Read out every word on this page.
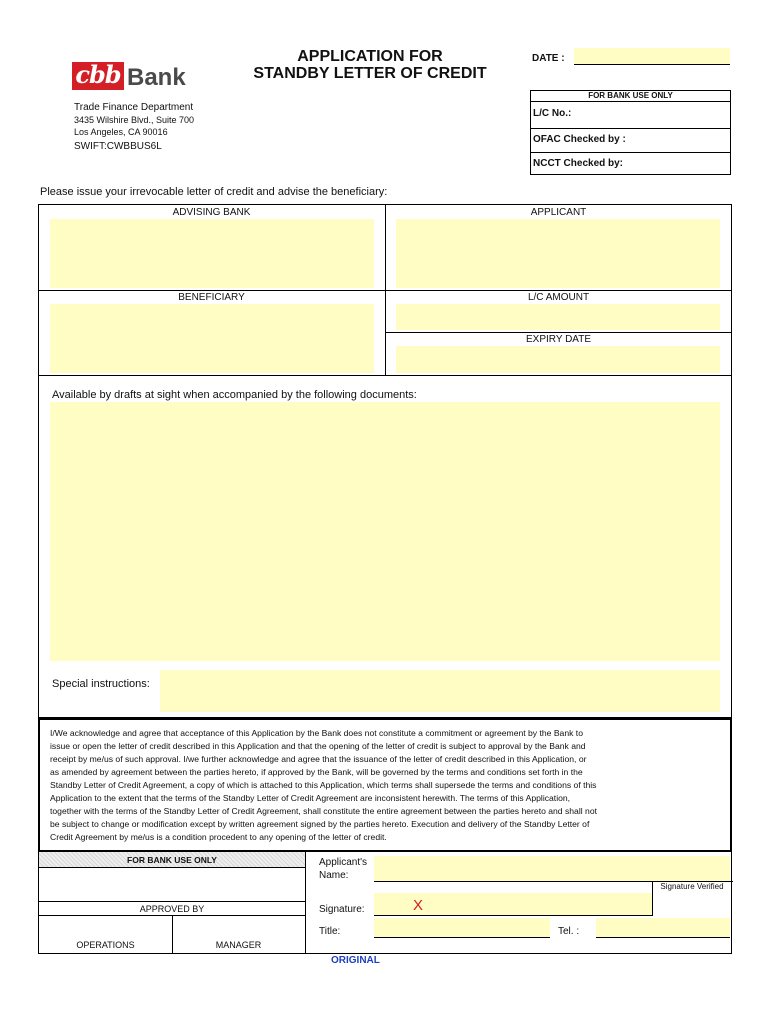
cbb Bank
APPLICATION FOR
STANDBY LETTER OF CREDIT
DATE :
Trade Finance Department
3435 Wilshire Blvd., Suite 700
Los Angeles, CA 90016
SWIFT:CWBBUS6L
FOR BANK USE ONLY
L/C No.:
OFAC Checked by :
NCCT Checked by:
Please issue your irrevocable letter of credit and advise the beneficiary:
ADVISING BANK	APPLICANT
BENEFICIARY	L/C AMOUNT
EXPIRY DATE
Available by drafts at sight when accompanied by the following documents:
Special instructions:
I/We acknowledge and agree that acceptance of this Application by the Bank does not constitute a commitment or agreement by the Bank to
issue or open the letter of credit described in this Application and that the opening of the letter of credit is subject to approval by the Bank and
receipt by me/us of such approval. I/we further acknowledge and agree that the issuance of the letter of credit described in this Application, or
as amended by agreement between the parties hereto, if approved by the Bank, will be governed by the terms and conditions set forth in the
Standby Letter of Credit Agreement, a copy of which is attached to this Application, which terms shall supersede the terms and conditions of this
Application to the extent that the terms of the Standby Letter of Credit Agreement are inconsistent herewith. The terms of this Application,
together with the terms of the Standby Letter of Credit Agreement, shall constitute the entire agreement between the parties hereto and shall not
be subject to change or modification except by written agreement signed by the parties hereto. Execution and delivery of the Standby Letter of
Credit Agreement by me/us is a condition procedent to any opening of the letter of credit.
FOR BANK USE ONLY
APPROVED BY
OPERATIONS	MANAGER
Applicant's
Name:
Signature Verified
Signature:	X
Title:	Tel. :
ORIGINAL
